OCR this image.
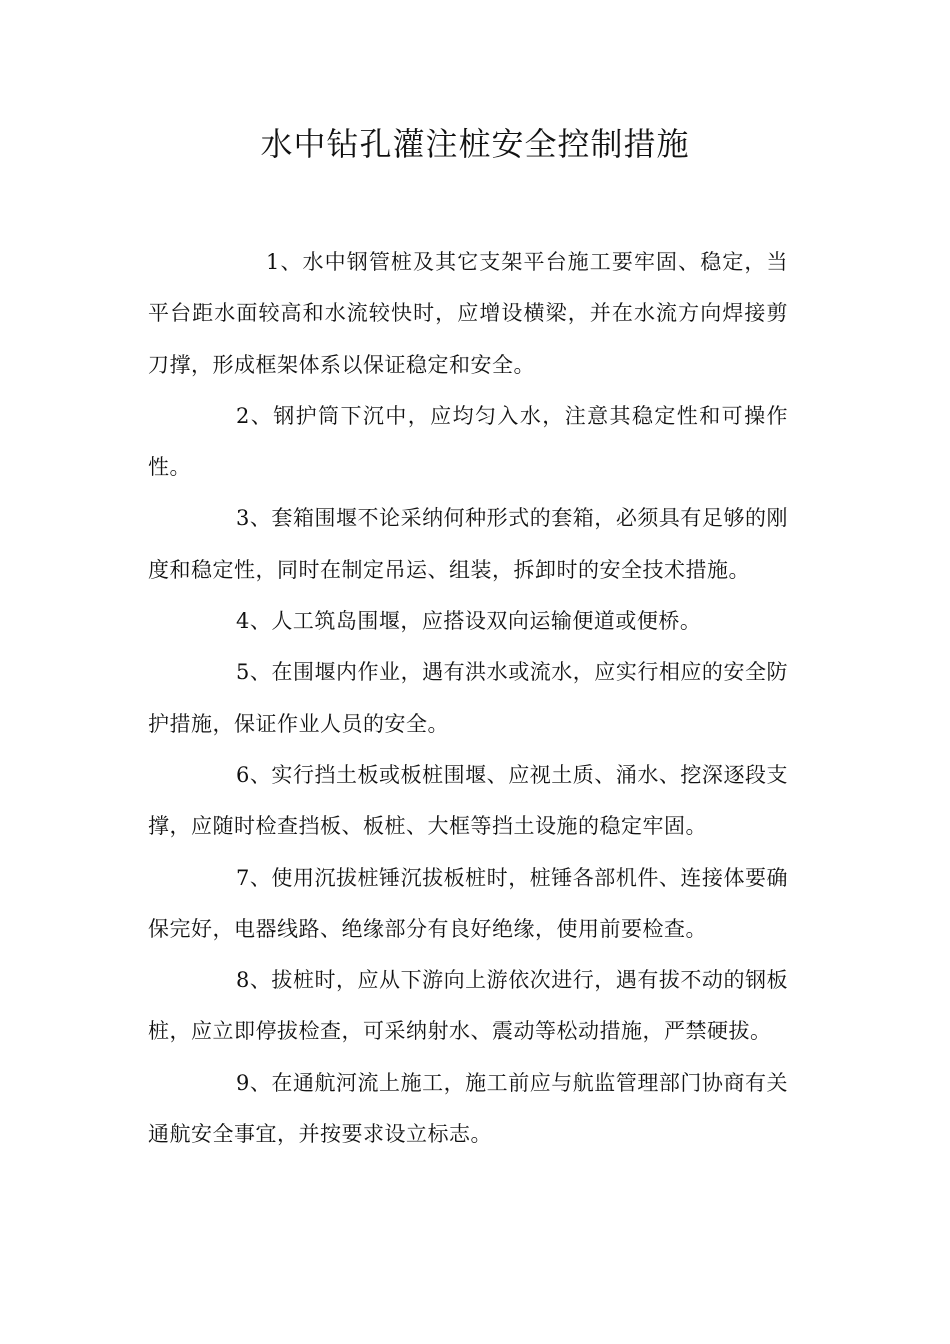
水中钻孔灌注桩安全控制措施

1、水中钢管桩及其它支架平台施工要牢固、稳定，当平台距水面较高和水流较快时，应增设横梁，并在水流方向焊接剪刀撑，形成框架体系以保证稳定和安全。

2、钢护筒下沉中，应均匀入水，注意其稳定性和可操作性。

3、套箱围堰不论采纳何种形式的套箱，必须具有足够的刚度和稳定性，同时在制定吊运、组装，拆卸时的安全技术措施。

4、人工筑岛围堰，应搭设双向运输便道或便桥。

5、在围堰内作业，遇有洪水或流水，应实行相应的安全防护措施，保证作业人员的安全。

6、实行挡土板或板桩围堰、应视土质、涌水、挖深逐段支撑，应随时检查挡板、板桩、大框等挡土设施的稳定牢固。

7、使用沉拔桩锤沉拔板桩时，桩锤各部机件、连接体要确保完好，电器线路、绝缘部分有良好绝缘，使用前要检查。

8、拔桩时，应从下游向上游依次进行，遇有拔不动的钢板桩，应立即停拔检查，可采纳射水、震动等松动措施，严禁硬拔。

9、在通航河流上施工，施工前应与航监管理部门协商有关通航安全事宜，并按要求设立标志。
